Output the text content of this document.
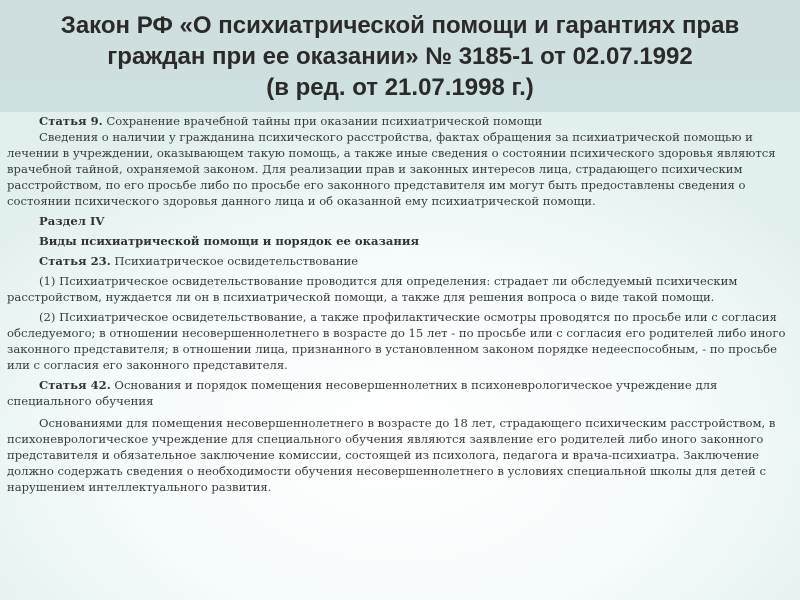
Закон РФ «О психиатрической помощи и гарантиях прав
граждан при ее оказании» № 3185-1 от 02.07.1992
(в ред. от 21.07.1998 г.)

Статья 9. Сохранение врачебной тайны при оказании психиатрической помощи

Сведения о наличии у гражданина психического расстройства, фактах обращения за психиатрической помощью и лечении в учреждении, оказывающем такую помощь, а также иные сведения о состоянии психического здоровья являются врачебной тайной, охраняемой законом. Для реализации прав и законных интересов лица, страдающего психическим расстройством, по его просьбе либо по просьбе его законного представителя им могут быть предоставлены сведения о состоянии психического здоровья данного лица и об оказанной ему психиатрической помощи.

Раздел IV

Виды психиатрической помощи и порядок ее оказания

Статья 23. Психиатрическое освидетельствование

(1) Психиатрическое освидетельствование проводится для определения: страдает ли обследуемый психическим расстройством, нуждается ли он в психиатрической помощи, а также для решения вопроса о виде такой помощи.

(2) Психиатрическое освидетельствование, а также профилактические осмотры проводятся по просьбе или с согласия обследуемого; в отношении несовершеннолетнего в возрасте до 15 лет - по просьбе или с согласия его родителей либо иного законного представителя; в отношении лица, признанного в установленном законом порядке недееспособным, - по просьбе или с согласия его законного представителя.

Статья 42. Основания и порядок помещения несовершеннолетних в психоневрологическое учреждение для специального обучения

Основаниями для помещения несовершеннолетнего в возрасте до 18 лет, страдающего психическим расстройством, в психоневрологическое учреждение для специального обучения являются заявление его родителей либо иного законного представителя и обязательное заключение комиссии, состоящей из психолога, педагога и врача-психиатра. Заключение должно содержать сведения о необходимости обучения несовершеннолетнего в условиях специальной школы для детей с нарушением интеллектуального развития.
